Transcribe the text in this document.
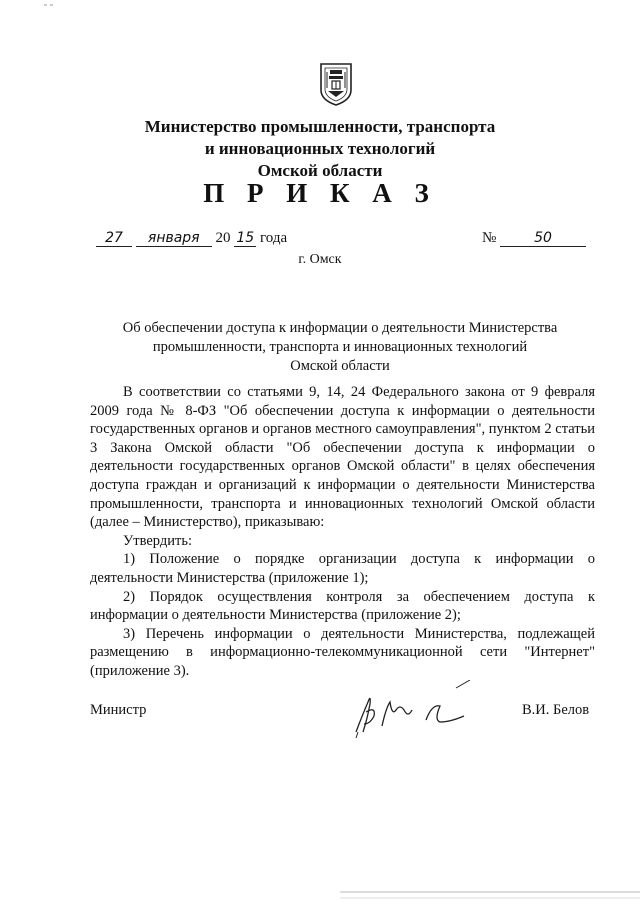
Министерство промышленности, транспорта
и инновационных технологий
Омской области
П Р И К А З
27 января 20 15 года	№	50
г. Омск
Об обеспечении доступа к информации о деятельности Министерства
промышленности, транспорта и инновационных технологий
Омской области

В соответствии со статьями 9, 14, 24 Федерального закона от 9 февраля 2009 года № 8-ФЗ "Об обеспечении доступа к информации о деятельности государственных органов и органов местного самоуправления", пунктом 2 статьи 3 Закона Омской области "Об обеспечении доступа к информации о деятельности государственных органов Омской области" в целях обеспечения доступа граждан и организаций к информации о деятельности Министерства промышленности, транспорта и инновационных технологий Омской области (далее – Министерство), приказываю:

Утвердить:

1) Положение о порядке организации доступа к информации о деятельности Министерства (приложение 1);

2) Порядок осуществления контроля за обеспечением доступа к информации о деятельности Министерства (приложение 2);

3) Перечень информации о деятельности Министерства, подлежащей размещению в информационно-телекоммуникационной сети "Интернет" (приложение 3).

Министр	В.И. Белов
